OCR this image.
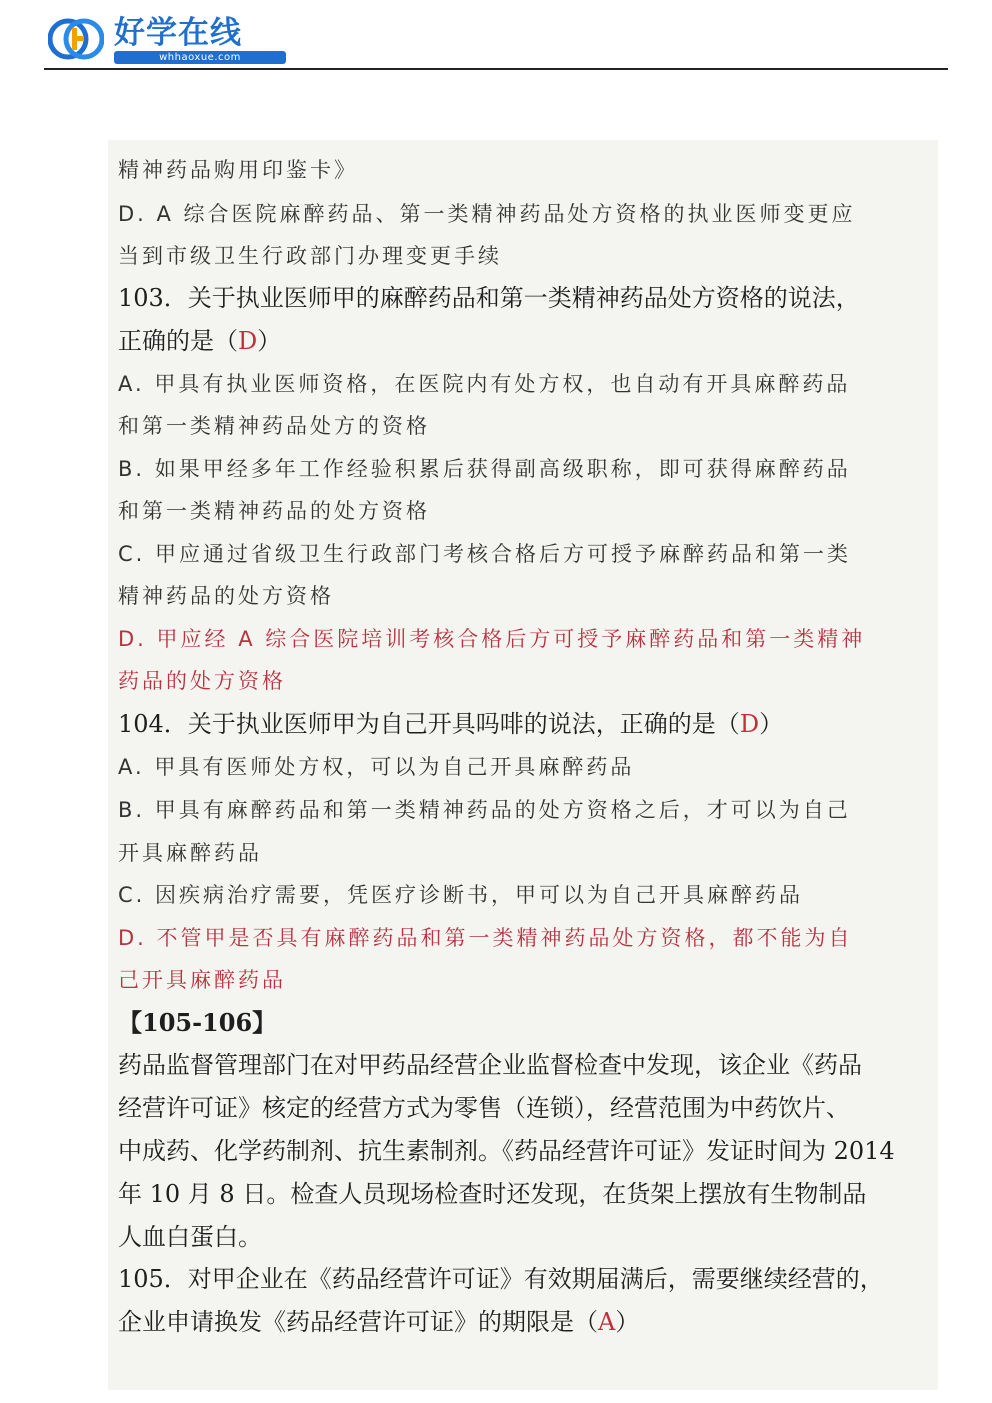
好学在线
whhaoxue.com
精神药品购用印鉴卡》
D. A 综合医院麻醉药品、第一类精神药品处方资格的执业医师变更应
当到市级卫生行政部门办理变更手续
103．关于执业医师甲的麻醉药品和第一类精神药品处方资格的说法，
正确的是（D）
A. 甲具有执业医师资格，在医院内有处方权，也自动有开具麻醉药品
和第一类精神药品处方的资格
B. 如果甲经多年工作经验积累后获得副高级职称，即可获得麻醉药品
和第一类精神药品的处方资格
C. 甲应通过省级卫生行政部门考核合格后方可授予麻醉药品和第一类
精神药品的处方资格
D. 甲应经 A 综合医院培训考核合格后方可授予麻醉药品和第一类精神
药品的处方资格
104．关于执业医师甲为自己开具吗啡的说法，正确的是（D）
A. 甲具有医师处方权，可以为自己开具麻醉药品
B. 甲具有麻醉药品和第一类精神药品的处方资格之后，才可以为自己
开具麻醉药品
C. 因疾病治疗需要，凭医疗诊断书，甲可以为自己开具麻醉药品
D. 不管甲是否具有麻醉药品和第一类精神药品处方资格，都不能为自
己开具麻醉药品
【105-106】
药品监督管理部门在对甲药品经营企业监督检查中发现，该企业《药品
经营许可证》核定的经营方式为零售（连锁），经营范围为中药饮片、
中成药、化学药制剂、抗生素制剂。《药品经营许可证》发证时间为 2014
年 10 月 8 日。检查人员现场检查时还发现，在货架上摆放有生物制品
人血白蛋白。
105．对甲企业在《药品经营许可证》有效期届满后，需要继续经营的，
企业申请换发《药品经营许可证》的期限是（A）
